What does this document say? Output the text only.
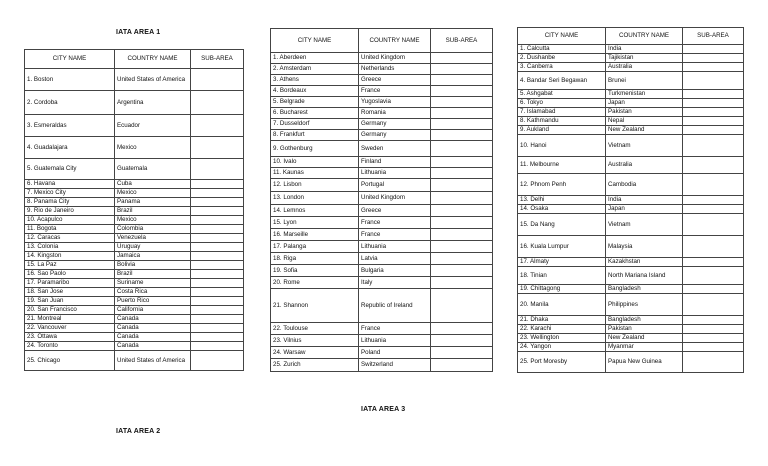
IATA AREA 1
CITY NAME	COUNTRY NAME	SUB-AREA
1. Boston	United States of America	
2. Cordoba	Argentina	
3. Esmeraldas	Ecuador	
4. Guadalajara	Mexico	
5. Guatemala City	Guatemala	
6. Havana	Cuba	
7. Mexico City	Mexico	
8. Panama City	Panama	
9. Rio de Janeiro	Brazil	
10. Acapulco	Mexico	
11. Bogota	Colombia	
12. Caracas	Venezuela	
13. Colonia	Uruguay	
14. Kingston	Jamaica	
15. La Paz	Bolivia	
16. Sao Paolo	Brazil	
17. Paramaribo	Suriname	
18. San Jose	Costa Rica	
19. San Juan	Puerto Rico	
20. San Francisco	California	
21. Montreal	Canada	
22. Vancouver	Canada	
23. Ottawa	Canada	
24. Toronto	Canada	
25. Chicago	United States of America	
IATA AREA 2
CITY NAME	COUNTRY NAME	SUB-AREA
1. Aberdeen	United Kingdom	
2. Amsterdam	Netherlands	
3. Athens	Greece	
4. Bordeaux	France	
5. Belgrade	Yugoslavia	
6. Bucharest	Romania	
7. Dusseldorf	Germany	
8. Frankfurt	Germany	
9. Gothenburg	Sweden	
10. Ivalo	Finland	
11. Kaunas	Lithuania	
12. Lisbon	Portugal	
13. London	United Kingdom	
14. Lemnos	Greece	
15. Lyon	France	
16. Marseille	France	
17. Palanga	Lithuania	
18. Riga	Latvia	
19. Sofia	Bulgaria	
20. Rome	Italy	
21. Shannon	Republic of Ireland	
22. Toulouse	France	
23. Vilnius	Lithuania	
24. Warsaw	Poland	
25. Zurich	Switzerland	
IATA AREA 3
CITY NAME	COUNTRY NAME	SUB-AREA
1. Calcutta	India	
2. Dushanbe	Tajikistan	
3. Canberra	Australia	
4. Bandar Seri Begawan	Brunei	
5. Ashgabat	Turkmenistan	
6. Tokyo	Japan	
7. Islamabad	Pakistan	
8. Kathmandu	Nepal	
9. Aukland	New Zealand	
10. Hanoi	Vietnam	
11. Melbourne	Australia	
12. Phnom Penh	Cambodia	
13. Delhi	India	
14. Osaka	Japan	
15. Da Nang	Vietnam	
16. Kuala Lumpur	Malaysia	
17. Almaty	Kazakhstan	
18. Tinian	North Mariana Island	
19. Chittagong	Bangladesh	
20. Manila	Philippines	
21. Dhaka	Bangladesh	
22. Karachi	Pakistan	
23. Wellington	New Zealand	
24. Yangon	Myanmar	
25. Port Moresby	Papua New Guinea	
